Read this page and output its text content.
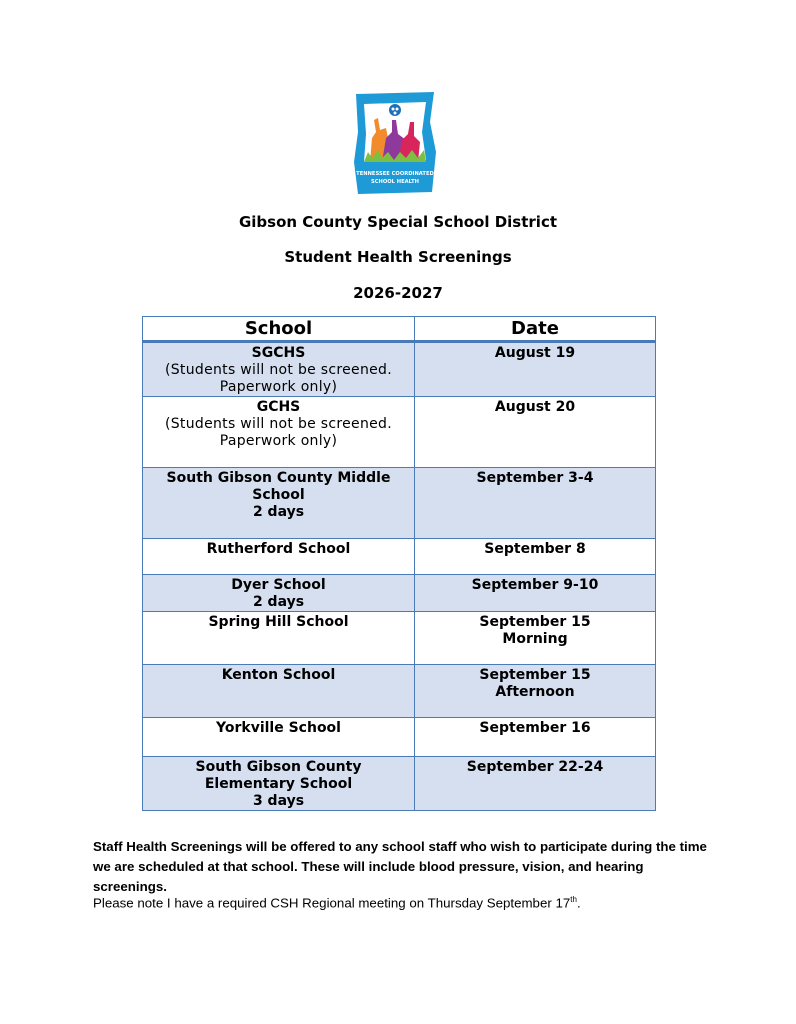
TENNESSEE COORDINATED
SCHOOL HEALTH
Gibson County Special School District
Student Health Screenings
2026-2027
School	Date

SGCHS
(Students will not be screened.
Paperwork only)	August 19

GCHS
(Students will not be screened.
Paperwork only)	August 20

South Gibson County Middle
School
2 days	September 3-4

Rutherford School	September 8

Dyer School
2 days	September 9-10

Spring Hill School	September 15
Morning

Kenton School	September 15
Afternoon

Yorkville School	September 16

South Gibson County
Elementary School
3 days	September 22-24
Staff Health Screenings will be offered to any school staff who wish to participate during the time we are scheduled at that school. These will include blood pressure, vision, and hearing screenings.
Please note I have a required CSH Regional meeting on Thursday September 17th.
